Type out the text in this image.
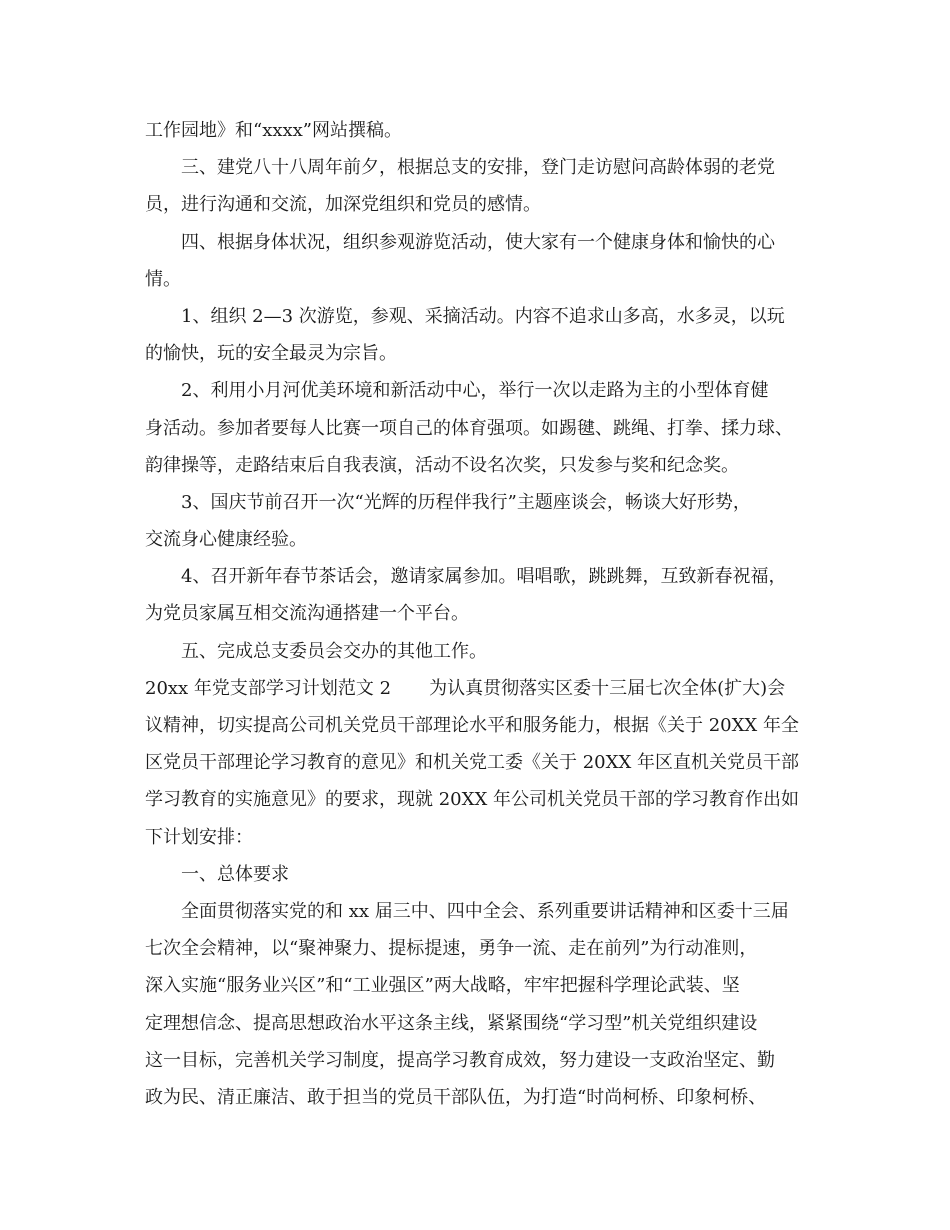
工作园地》和“xxxx”网站撰稿。
三、建党八十八周年前夕，根据总支的安排，登门走访慰问高龄体弱的老党
员，进行沟通和交流，加深党组织和党员的感情。
四、根据身体状况，组织参观游览活动，使大家有一个健康身体和愉快的心
情。
1、组织 2—3 次游览，参观、采摘活动。内容不追求山多高，水多灵，以玩
的愉快，玩的安全最灵为宗旨。
2、利用小月河优美环境和新活动中心，举行一次以走路为主的小型体育健
身活动。参加者要每人比赛一项自己的体育强项。如踢毽、跳绳、打拳、揉力球、
韵律操等，走路结束后自我表演，活动不设名次奖，只发参与奖和纪念奖。
3、国庆节前召开一次“光辉的历程伴我行”主题座谈会，畅谈大好形势，
交流身心健康经验。
4、召开新年春节茶话会，邀请家属参加。唱唱歌，跳跳舞，互致新春祝福，
为党员家属互相交流沟通搭建一个平台。
五、完成总支委员会交办的其他工作。
20xx 年党支部学习计划范文 2 为认真贯彻落实区委十三届七次全体(扩大)会
议精神，切实提高公司机关党员干部理论水平和服务能力，根据《关于 20XX 年全
区党员干部理论学习教育的意见》和机关党工委《关于 20XX 年区直机关党员干部
学习教育的实施意见》的要求，现就 20XX 年公司机关党员干部的学习教育作出如
下计划安排：
一、总体要求
全面贯彻落实党的和 xx 届三中、四中全会、系列重要讲话精神和区委十三届
七次全会精神，以“聚神聚力、提标提速，勇争一流、走在前列”为行动准则，
深入实施“服务业兴区”和“工业强区”两大战略，牢牢把握科学理论武装、坚
定理想信念、提高思想政治水平这条主线，紧紧围绕“学习型”机关党组织建设
这一目标，完善机关学习制度，提高学习教育成效，努力建设一支政治坚定、勤
政为民、清正廉洁、敢于担当的党员干部队伍，为打造“时尚柯桥、印象柯桥、
